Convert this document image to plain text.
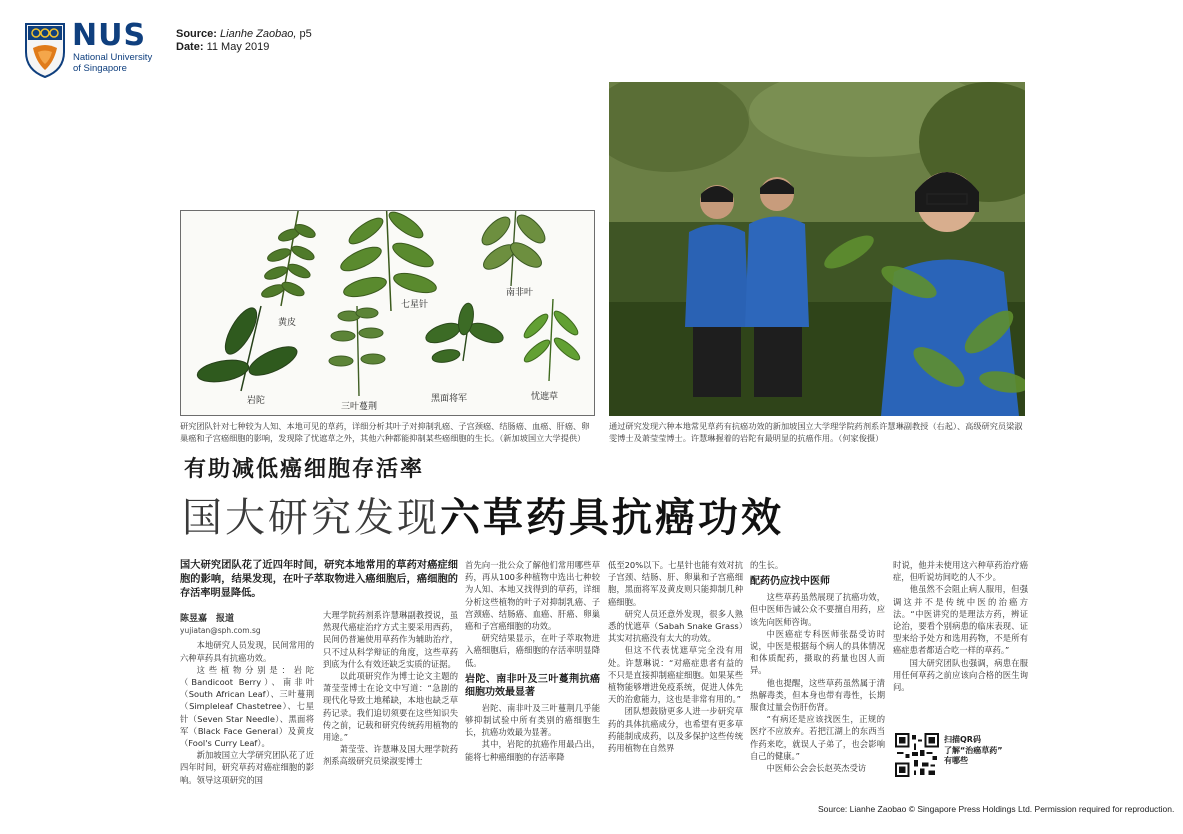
NUS
National University
of Singapore
Source: Lianhe Zaobao, p5
Date: 11 May 2019
黄皮
七星针
南非叶
岩陀
三叶蔓荆
黑面将军	忧遮草
研究团队针对七种较为人知、本地可见的草药，详细分析其叶子对抑制乳癌、子宫颈癌、结肠癌、血癌、肝癌、卵巢癌和子宫癌细胞的影响，发现除了忧遮草之外，其他六种都能抑制某些癌细胞的生长。（新加坡国立大学提供）
通过研究发现六种本地常见草药有抗癌功效的新加坡国立大学理学院药剂系许慧琳副教授（右起）、高级研究员梁淑雯博士及萧莹莹博士。许慧琳握着的岩陀有最明显的抗癌作用。（何家俊摄）
有助减低癌细胞存活率
国大研究发现六草药具抗癌功效
国大研究团队花了近四年时间，研究本地常用的草药对癌症细胞的影响，结果发现，在叶子萃取物进入癌细胞后，癌细胞的存活率明显降低。
陈昱嘉　报道
yujiatan@sph.com.sg

本地研究人员发现，民间常用的六种草药具有抗癌功效。

这些植物分别是：岩陀（Bandicoot Berry）、南非叶（South African Leaf）、三叶蔓荆（Simpleleaf Chastetree）、七星针（Seven Star Needle）、黑面将军（Black Face General）及黄皮（Fool's Curry Leaf）。

新加坡国立大学研究团队花了近四年时间，研究草药对癌症细胞的影响。领导这项研究的国

大理学院药剂系许慧琳副教授说，虽然现代癌症治疗方式主要采用西药，民间仍普遍使用草药作为辅助治疗，只不过从科学辩证的角度，这些草药到底为什么有效还缺乏实质的证据。

以此项研究作为博士论文主题的萧莹莹博士在论文中写道：“急剧的现代化导致土地稀缺，本地也缺乏草药记录。我们追切须要在这些知识失传之前，记载和研究传统药用植物的用途。”

萧莹莹、许慧琳及国大理学院药剂系高级研究员梁淑雯博士

首先向一批公众了解他们常用哪些草药，再从100多种植物中选出七种较为人知、本地又找得到的草药，详细分析这些植物的叶子对抑制乳癌、子宫颈癌、结肠癌、血癌、肝癌、卵巢癌和子宫癌细胞的功效。

研究结果显示，在叶子萃取物进入癌细胞后，癌细胞的存活率明显降低。

岩陀、南非叶及三叶蔓荆抗癌细胞功效最显著

岩陀、南非叶及三叶蔓荆几乎能够抑制试验中所有类别的癌细胞生长，抗癌功效最为显著。

其中，岩陀的抗癌作用最凸出，能将七种癌细胞的存活率降

低至20%以下。七星针也能有效对抗子宫颈、结肠、肝、卵巢和子宫癌细胞，黑面将军及黄皮则只能抑制几种癌细胞。

研究人员还意外发现，很多人熟悉的忧遮草（Sabah Snake Grass）其实对抗癌没有太大的功效。

但这不代表忧遮草完全没有用处。许慧琳说：“对癌症患者有益的不只是直接抑制癌症细胞。如果某些植物能够增进免疫系统，促进人体先天的治愈能力，这也是非常有用的。”

团队想鼓励更多人进一步研究草药的具体抗癌成分，也希望有更多草药能制成成药，以及多保护这些传统药用植物在自然界

的生长。
配药仍应找中医师

这些草药虽然展现了抗癌功效，但中医师告诫公众不要擅自用药，应该先向医师咨询。

中医癌症专科医师张磊受访时说，中医是根据每个病人的具体情况和体质配药，摄取的药量也因人而异。

他也提醒，这些草药虽然属于清热解毒类，但本身也带有毒性，长期服食过量会伤肝伤肾。

“有病还是应该找医生，正规的医疗不应放弃。若把江湖上的东西当作药来吃，就误人子弟了，也会影响自己的健康。”

中医师公会会长赵英杰受访

时说，他并未使用这六种草药治疗癌症，但听说坊间吃的人不少。

他虽然不会阻止病人服用，但强调这并不是传统中医的治癌方法。“中医讲究的是理法方药，辨证论治，要看个别病患的临床表现、证型来给予处方和选用药物，不是所有癌症患者都适合吃一样的草药。”

国大研究团队也强调，病患在服用任何草药之前应该向合格的医生询问。

扫描QR码
了解“治癌草药”
有哪些
Source: Lianhe Zaobao © Singapore Press Holdings Ltd. Permission required for reproduction.
